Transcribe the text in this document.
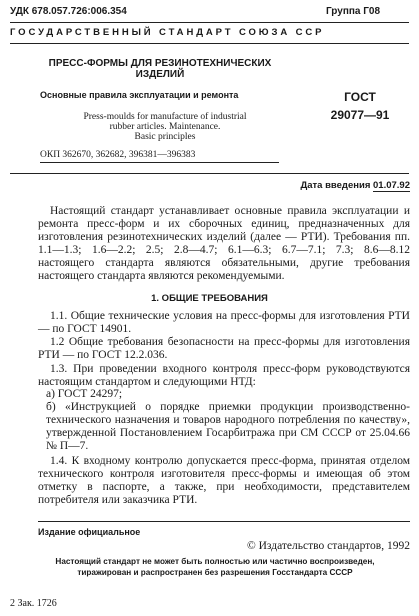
УДК 678.057.726:006.354	Группа Г08
ГОСУДАРСТВЕННЫЙ СТАНДАРТ СОЮЗА ССР
ПРЕСС-ФОРМЫ ДЛЯ РЕЗИНОТЕХНИЧЕСКИХ
ИЗДЕЛИЙ
Основные правила эксплуатации и ремонта
Press-moulds for manufacture of industrial
rubber articles. Maintenance.
Basic principles
ГОСТ
29077—91
ОКП 362670, 362682, 396381—396383
Дата введения 01.07.92
Настоящий стандарт устанавливает основные правила эксплуатации и ремонта пресс-форм и их сборочных единиц, предназначенных для изготовления резинотехнических изделий (далее — РТИ). Требования пп. 1.1—1.3; 1.6—2.2; 2.5; 2.8—4.7; 6.1—6.3; 6.7—7.1; 7.3; 8.6—8.12 настоящего стандарта являются обязательными, другие требования настоящего стандарта являются рекомендуемыми.
1. ОБЩИЕ ТРЕБОВАНИЯ
1.1. Общие технические условия на пресс-формы для изготовления РТИ — по ГОСТ 14901.
1.2 Общие требования безопасности на пресс-формы для изготовления РТИ — по ГОСТ 12.2.036.
1.3. При проведении входного контроля пресс-форм руководствуются настоящим стандартом и следующими НТД:
а) ГОСТ 24297;
б) «Инструкцией о порядке приемки продукции производственно-технического назначения и товаров народного потребления по качеству», утвержденной Постановлением Госарбитража при СМ СССР от 25.04.66 № П—7.
1.4. К входному контролю допускается пресс-форма, принятая отделом технического контроля изготовителя пресс-формы и имеющая об этом отметку в паспорте, а также, при необходимости, представителем потребителя или заказчика РТИ.
Издание официальное
© Издательство стандартов, 1992
Настоящий стандарт не может быть полностью или частично воспроизведен,
тиражирован и распространен без разрешения Госстандарта СССР
2 Зак. 1726
